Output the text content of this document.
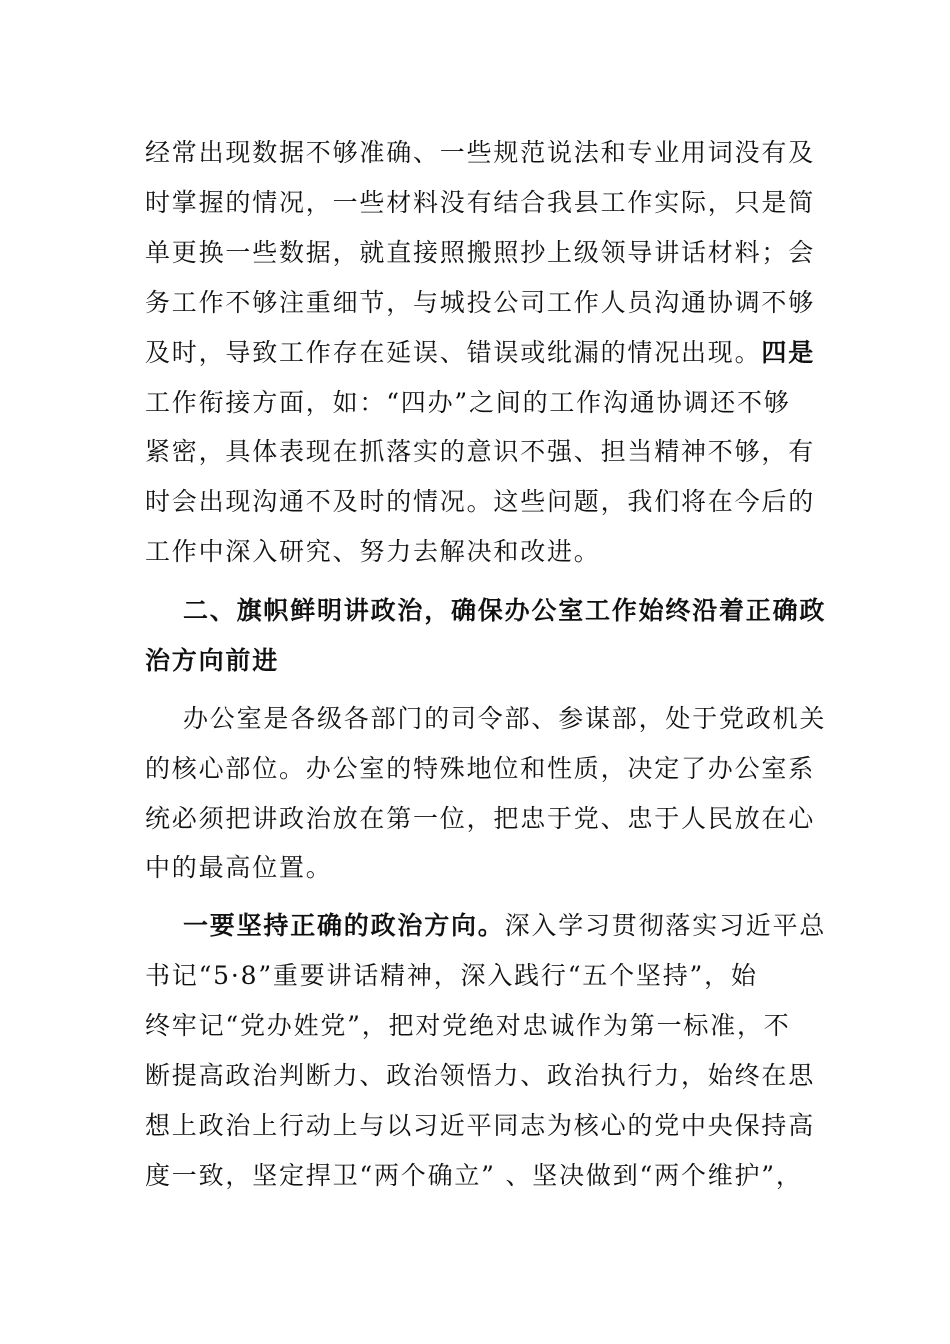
经常出现数据不够准确、一些规范说法和专业用词没有及
时掌握的情况，一些材料没有结合我县工作实际，只是简
单更换一些数据，就直接照搬照抄上级领导讲话材料；会
务工作不够注重细节，与城投公司工作人员沟通协调不够
及时，导致工作存在延误、错误或纰漏的情况出现。四是
工作衔接方面，如：“四办”之间的工作沟通协调还不够
紧密，具体表现在抓落实的意识不强、担当精神不够，有
时会出现沟通不及时的情况。这些问题，我们将在今后的
工作中深入研究、努力去解决和改进。
二、旗帜鲜明讲政治，确保办公室工作始终沿着正确政
治方向前进
办公室是各级各部门的司令部、参谋部，处于党政机关
的核心部位。办公室的特殊地位和性质，决定了办公室系
统必须把讲政治放在第一位，把忠于党、忠于人民放在心
中的最高位置。
一要坚持正确的政治方向。深入学习贯彻落实习近平总
书记“5·8”重要讲话精神，深入践行“五个坚持”，始
终牢记“党办姓党”，把对党绝对忠诚作为第一标准，不
断提高政治判断力、政治领悟力、政治执行力，始终在思
想上政治上行动上与以习近平同志为核心的党中央保持高
度一致，坚定捍卫“两个确立” 、坚决做到“两个维护”，
